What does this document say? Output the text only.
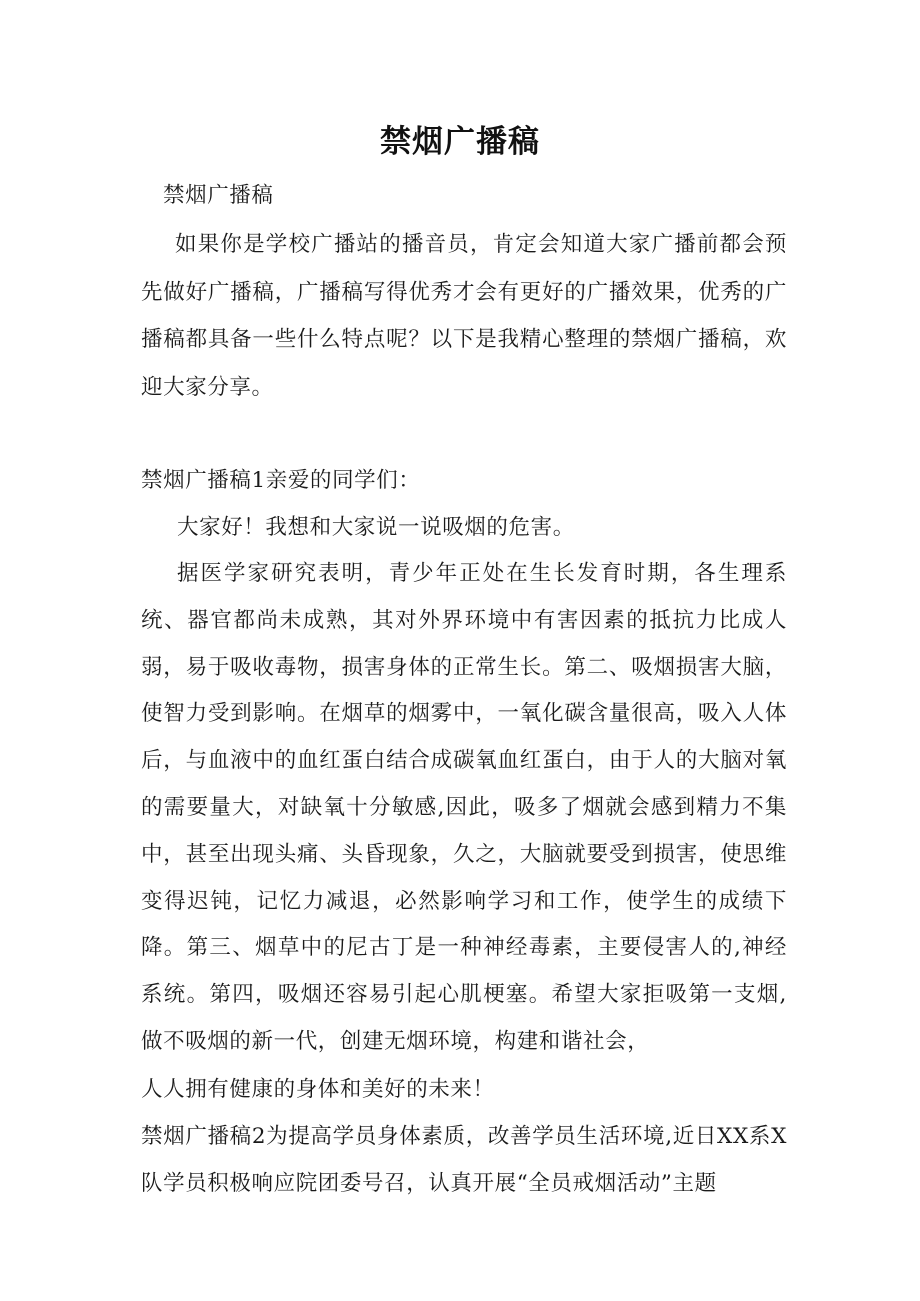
禁烟广播稿

禁烟广播稿

如果你是学校广播站的播音员，肯定会知道大家广播前都会预先做好广播稿，广播稿写得优秀才会有更好的广播效果，优秀的广播稿都具备一些什么特点呢？以下是我精心整理的禁烟广播稿，欢迎大家分享。

禁烟广播稿1亲爱的同学们：

大家好！我想和大家说一说吸烟的危害。

据医学家研究表明，青少年正处在生长发育时期，各生理系统、器官都尚未成熟，其对外界环境中有害因素的抵抗力比成人弱，易于吸收毒物，损害身体的正常生长。第二、吸烟损害大脑，使智力受到影响。在烟草的烟雾中，一氧化碳含量很高，吸入人体后，与血液中的血红蛋白结合成碳氧血红蛋白，由于人的大脑对氧的需要量大，对缺氧十分敏感,因此，吸多了烟就会感到精力不集中，甚至出现头痛、头昏现象，久之，大脑就要受到损害，使思维变得迟钝，记忆力减退，必然影响学习和工作，使学生的成绩下降。第三、烟草中的尼古丁是一种神经毒素，主要侵害人的,神经系统。第四，吸烟还容易引起心肌梗塞。希望大家拒吸第一支烟,做不吸烟的新一代，创建无烟环境，构建和谐社会，

人人拥有健康的身体和美好的未来！

禁烟广播稿2为提高学员身体素质，改善学员生活环境,近日XX系X队学员积极响应院团委号召，认真开展“全员戒烟活动”主题
